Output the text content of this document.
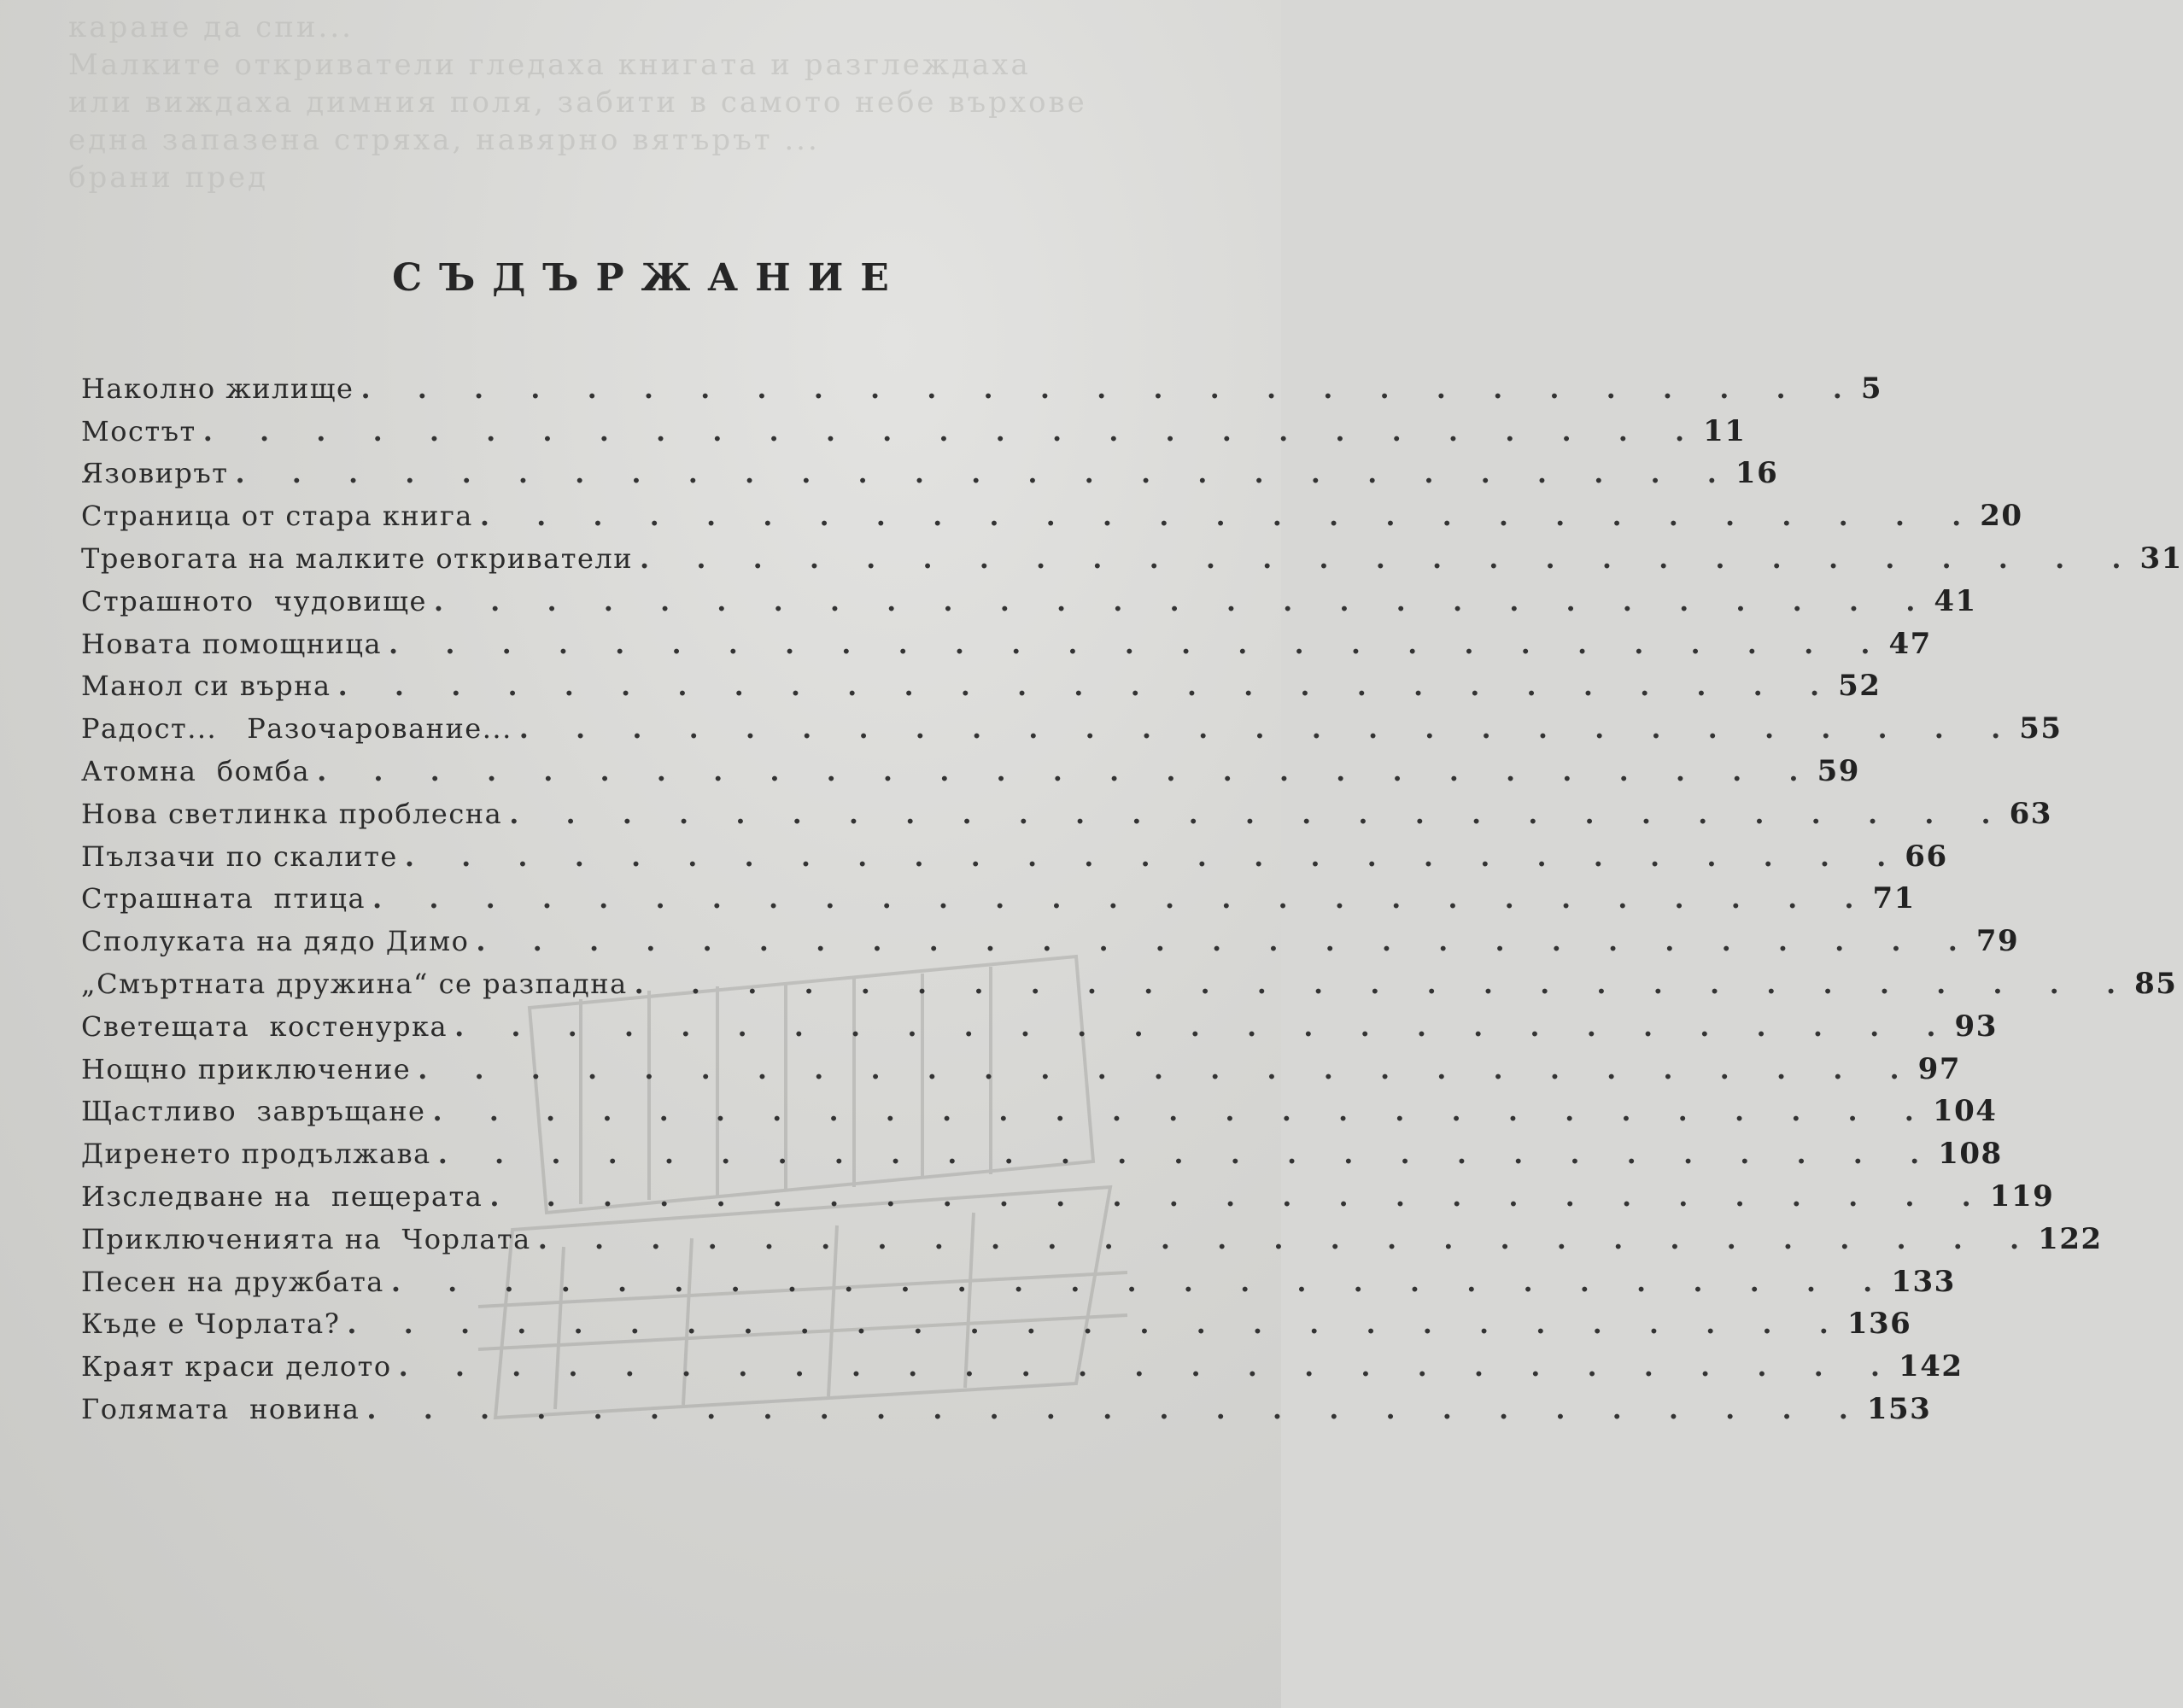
каране да спи...
Малките откриватели гледаха книгата и разглеждаха
или виждаха димния поля, забити в самото небе върхове
една запазена стряха, навярно вятърът ...
брани пред
СЪДЪРЖАНИЕ
Наколно жилище . . . . . . . . . . . . . . . . . . . . . . . . . . . 5
Мостът . . . . . . . . . . . . . . . . . . . . . . . . . . . 11
Язовирът . . . . . . . . . . . . . . . . . . . . . . . . . . . 16
Страница от стара книга . . . . . . . . . . . . . . . . . . . . . . . . . . . 20
Тревогата на малките откриватели . . . . . . . . . . . . . . . . . . . . . . . . . . . 31
Страшното  чудовище . . . . . . . . . . . . . . . . . . . . . . . . . . . 41
Новата помощница . . . . . . . . . . . . . . . . . . . . . . . . . . . 47
Манол си върна . . . . . . . . . . . . . . . . . . . . . . . . . . . 52
Радост...   Разочарование... . . . . . . . . . . . . . . . . . . . . . . . . . . . 55
Атомна  бомба . . . . . . . . . . . . . . . . . . . . . . . . . . . 59
Нова светлинка проблесна . . . . . . . . . . . . . . . . . . . . . . . . . . . 63
Пълзачи по скалите . . . . . . . . . . . . . . . . . . . . . . . . . . . 66
Страшната  птица . . . . . . . . . . . . . . . . . . . . . . . . . . . 71
Сполуката на дядо Димо . . . . . . . . . . . . . . . . . . . . . . . . . . . 79
„Смъртната дружина“ се разпадна . . . . . . . . . . . . . . . . . . . . . . . . . . . 85
Светещата  костенурка . . . . . . . . . . . . . . . . . . . . . . . . . . . 93
Нощно приключение . . . . . . . . . . . . . . . . . . . . . . . . . . . 97
Щастливо  завръщане . . . . . . . . . . . . . . . . . . . . . . . . . . . 104
Диренето продължава . . . . . . . . . . . . . . . . . . . . . . . . . . . 108
Изследване на  пещерата . . . . . . . . . . . . . . . . . . . . . . . . . . . 119
Приключенията на  Чорлата . . . . . . . . . . . . . . . . . . . . . . . . . . . 122
Песен на дружбата . . . . . . . . . . . . . . . . . . . . . . . . . . . 133
Къде е Чорлата? . . . . . . . . . . . . . . . . . . . . . . . . . . . 136
Краят краси делото . . . . . . . . . . . . . . . . . . . . . . . . . . . 142
Голямата  новина . . . . . . . . . . . . . . . . . . . . . . . . . . . 153
